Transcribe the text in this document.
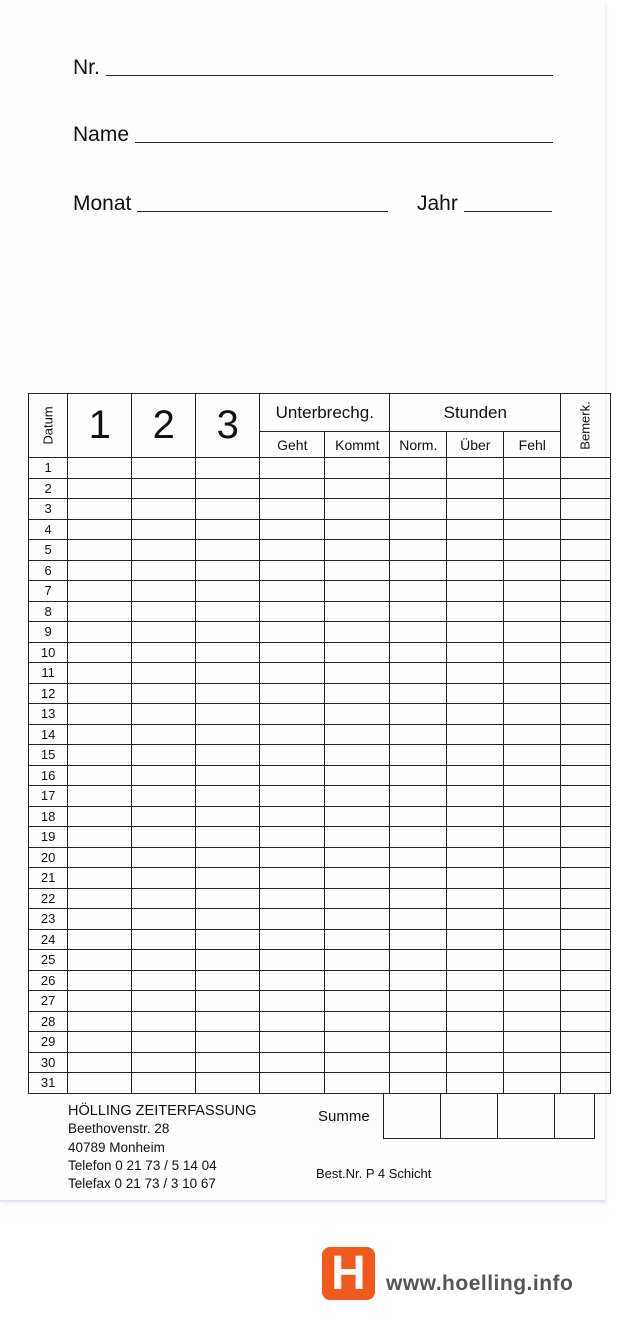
Nr.
Name
Monat	Jahr
Datum	1	2	3	Unterbrechg.		Stunden			Bemerk.
				Geht	Kommt	Norm.	Über	Fehl	
1									
2									
3									
4									
5									
6									
7									
8									
9									
10									
11									
12									
13									
14									
15									
16									
17									
18									
19									
20									
21									
22									
23									
24									
25									
26									
27									
28									
29									
30									
31									
Summe

HÖLLING ZEITERFASSUNG
Beethovenstr. 28
40789 Monheim
Telefon 0 21 73 / 5 14 04
Telefax 0 21 73 / 3 10 67
Best.Nr. P 4 Schicht
H www.hoelling.info
